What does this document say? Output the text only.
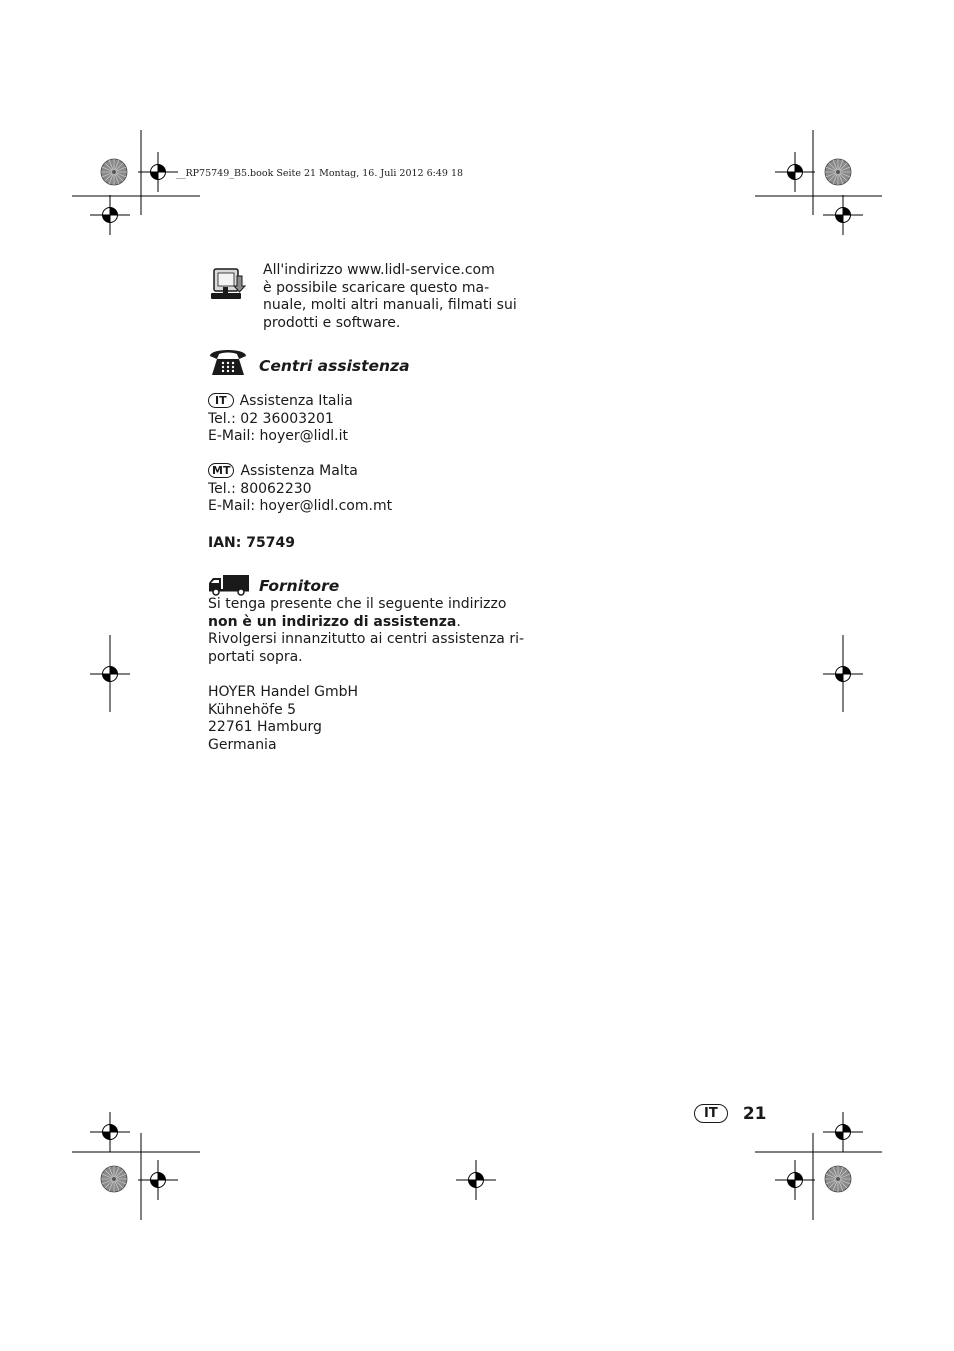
__RP75749_B5.book Seite 21 Montag, 16. Juli 2012 6:49 18
All'indirizzo www.lidl-service.com
è possibile scaricare questo ma-
nuale, molti altri manuali, filmati sui
prodotti e software.
Centri assistenza
IT Assistenza Italia
Tel.: 02 36003201
E-Mail: hoyer@lidl.it
MT Assistenza Malta
Tel.: 80062230
E-Mail: hoyer@lidl.com.mt
IAN: 75749
Fornitore
Si tenga presente che il seguente indirizzo
non è un indirizzo di assistenza.
Rivolgersi innanzitutto ai centri assistenza ri-
portati sopra.
HOYER Handel GmbH
Kühnehöfe 5
22761 Hamburg
Germania
IT 21
